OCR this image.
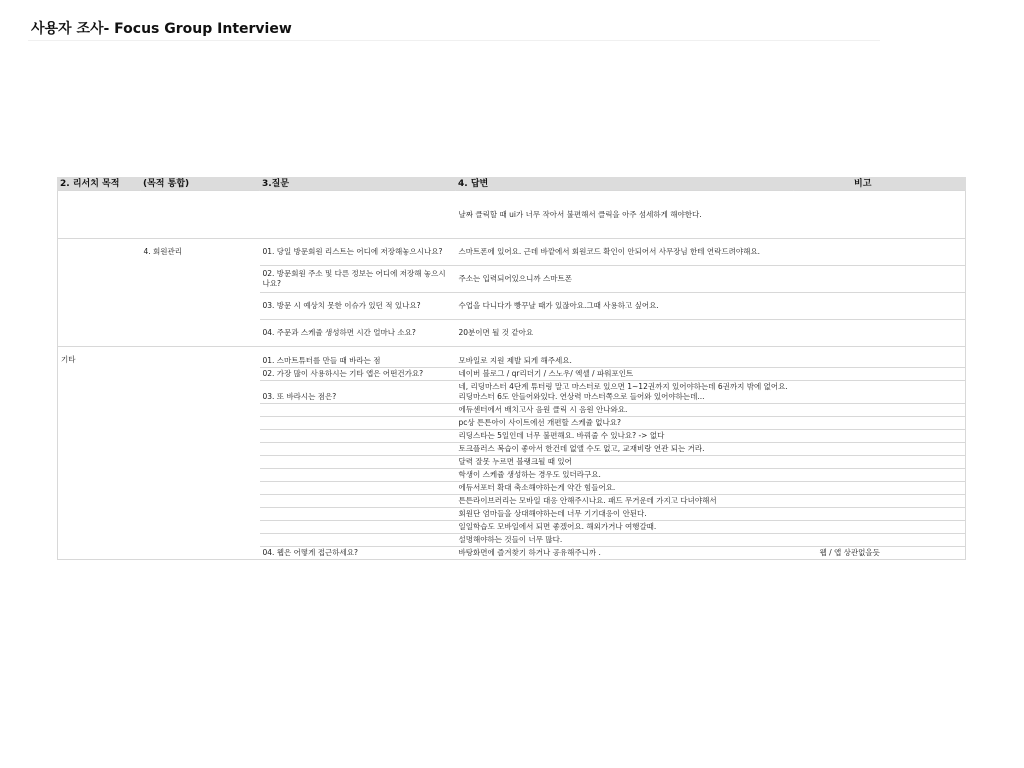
사용자 조사- Focus Group Interview
2. 리서치 목적	(목적 통합)	3.질문	4. 답변	비고
			날짜 클릭할 때 ui가 너무 작아서 불편해서 클릭을 아주 섬세하게 해야한다.	
	4. 회원관리	01. 당일 방문회원 리스트는 어디에 저장해놓으시나요?	스마트폰에 있어요. 근데 바깥에서 회원코드 확인이 안되어서 사무장님 한테 연락드려야해요.	
		02. 방문회원 주소 및 다른 정보는 어디에 저장해 놓으시나요?	주소는 입력되어있으니까 스마트폰	
		03. 방문 시 예상치 못한 이슈가 있던 적 있나요?	수업을 다니다가 빵꾸날 때가 있잖아요.그때 사용하고 싶어요.	
		04. 주문과 스케쥴 생성하면 시간 얼마나 소요?	20분이면 될 것 같아요	
기타		01. 스마트튜터를 만들 때 바라는 점	모바일로 지원 제발 되게 해주세요.	

		02. 가장 많이 사용하시는 기타 앱은 어떤건가요?	네이버 블로그 / qr리더기 / 스노우/ 엑셀 / 파워포인트	
		03. 또 바라시는 점은?	네, 리딩마스터 4단계 튜터링 말고 마스터로 있으면 1~12권까지 있어야하는데 6권까지 밖에 없어요. 리딩마스터 6도 안들어와있다. 연상력 마스터쪽으로 들어와 있어야하는데...	
			에듀센터에서 배치고사 음원 클릭 시 음원 안나와요.	
			pc상 튼튼아이 사이트에선 개편할 스케쥴 없나요?	
			리딩스타는 5일인데 너무 불편해요. 바꿔줄 수 있나요? -> 없다	
			토크플러스 복습이 좋아서 한건데 없앨 수도 없고, 교재비랑 연관 되는 거라.	
			달력 잘못 누르면 블랭크될 때 있어	
			학생이 스케쥴 생성하는 경우도 있더라구요.	
			에듀서포터 확대 축소해야하는게 약간 힘들어요.	
			튼튼라이브러리는 모바일 대응 안해주시나요. 패드 무거운데 가지고 다녀야해서	
			회원단 엄마들을 상대해야하는데 너무 기기대응이 안된다.	
			일일학습도 모바일에서 되면 좋겠어요. 해외가거나 여행갈때.	
			설명해야하는 것들이 너무 많다.	
		04. 웹은 어떻게 접근하세요?	바탕화면에 즐겨찾기 하거나 공유해주니까 .	웹 / 앱 상관없을듯
